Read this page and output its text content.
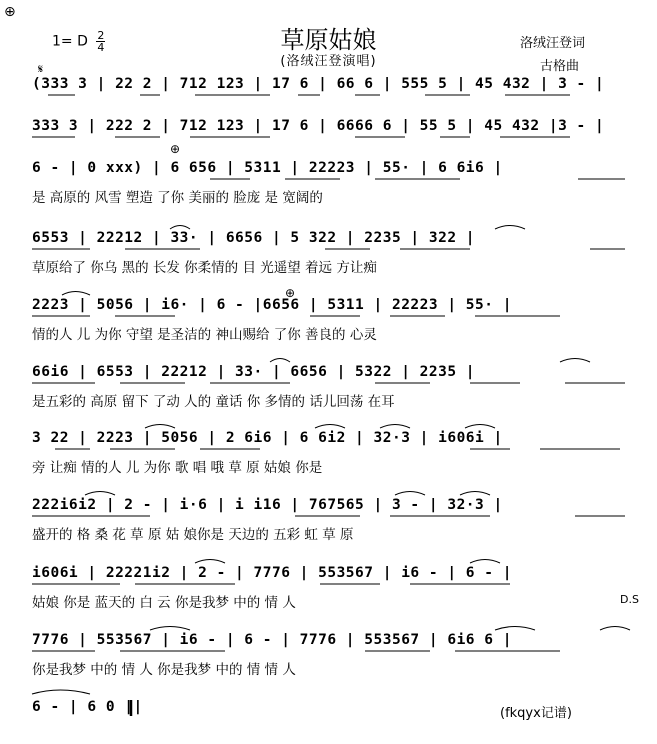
⊕
草原姑娘
(洛绒汪登演唱)
1= D $\frac{2}{4}$	洛绒汪登词
古格曲
𝄋
⊕
⊕
(333 3 | 22 2 | 712 123 | 17 6 | 66 6 | 555 5 | 45 432 | 3 - |
333 3 | 222 2 | 712 123 | 17 6 | 6666 6 | 55 5 | 45 432 |3 - |
6 - | 0 xxx) | 6 656 | 5311 | 22223 | 55· | 6 6i6 |
是 高原的 风雪 塑造 了你 美丽的 脸庞 是 宽阔的
6553 | 22212 | 33· | 6656 | 5 322 | 2235 | 322 |
草原给了 你乌 黑的 长发 你柔情的 目 光遥望 着远 方让痴
2223 | 5056 | i6· | 6 - |6656 | 5311 | 22223 | 55· |
情的人 儿 为你 守望 是圣洁的 神山赐给 了你 善良的 心灵
66i6 | 6553 | 22212 | 33· | 6656 | 5322 | 2235 |
是五彩的 高原 留下 了动 人的 童话 你 多情的 话儿回荡 在耳
3 22 | 2223 | 5056 | 2 6i6 | 6 6i2 | 32·3 | i606i |
旁 让痴 情的人 儿 为你 歌 唱 哦 草 原 姑娘 你是
222i6i2 | 2 - | i·6 | i i16 | 767565 | 3 - | 32·3 |
盛开的 格 桑 花 草 原 姑 娘你是 天边的 五彩 虹 草 原
i606i | 22221i2 | 2 - | 7776 | 553567 | i6 - | 6 - |
姑娘 你是 蓝天的 白 云 你是我梦 中的 情 人	D.S
7776 | 553567 | i6 - | 6 - | 7776 | 553567 | 6i6 6 |
你是我梦 中的 情 人 你是我梦 中的 情 情 人
6 - | 6 0 ||	(fkqyx记谱)
